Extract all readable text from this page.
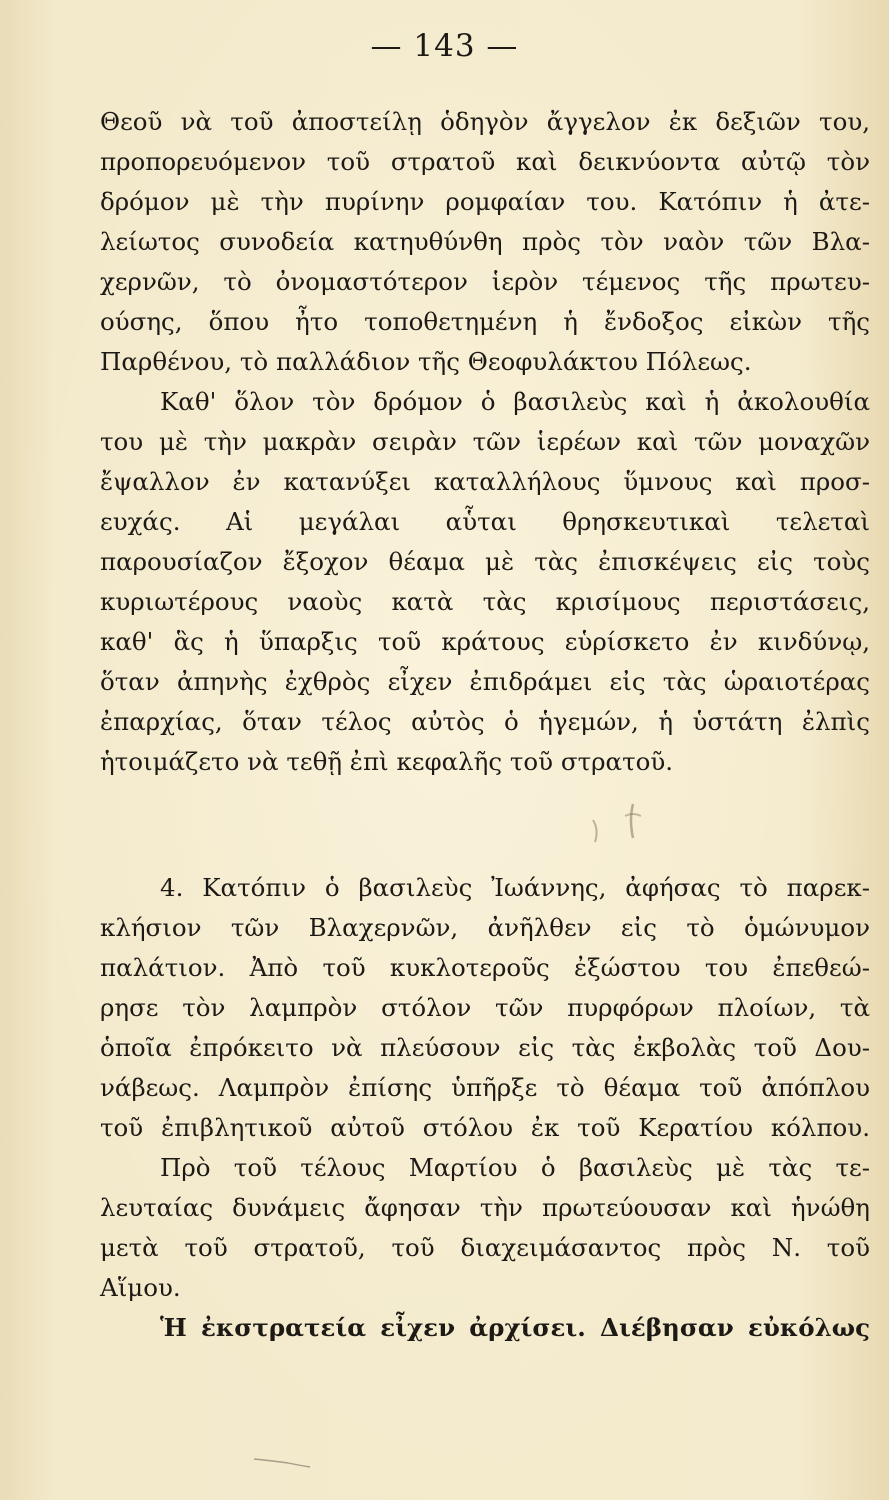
— 143 —
Θεοῦ νὰ τοῦ ἀποστείλῃ ὁδηγὸν ἄγγελον ἐκ δεξιῶν του,
προπορευόμενον τοῦ στρατοῦ καὶ δεικνύοντα αὐτῷ τὸν
δρόμον μὲ τὴν πυρίνην ρομφαίαν του. Κατόπιν ἡ ἀτε-
λείωτος συνοδεία κατηυθύνθη πρὸς τὸν ναὸν τῶν Βλα-
χερνῶν, τὸ ὀνομαστότερον ἱερὸν τέμενος τῆς πρωτευ-
ούσης, ὅπου ἦτο τοποθετημένη ἡ ἔνδοξος εἰκὼν τῆς
Παρθένου, τὸ παλλάδιον τῆς Θεοφυλάκτου Πόλεως.
Καθ' ὅλον τὸν δρόμον ὁ βασιλεὺς καὶ ἡ ἀκολουθία
του μὲ τὴν μακρὰν σειρὰν τῶν ἱερέων καὶ τῶν μοναχῶν
ἔψαλλον ἐν κατανύξει καταλλήλους ὕμνους καὶ προσ-
ευχάς. Αἱ μεγάλαι αὗται θρησκευτικαὶ τελεταὶ
παρουσίαζον ἔξοχον θέαμα μὲ τὰς ἐπισκέψεις εἰς τοὺς
κυριωτέρους ναοὺς κατὰ τὰς κρισίμους περιστάσεις,
καθ' ἃς ἡ ὕπαρξις τοῦ κράτους εὑρίσκετο ἐν κινδύνῳ,
ὅταν ἀπηνὴς ἐχθρὸς εἶχεν ἐπιδράμει εἰς τὰς ὡραιοτέρας
ἐπαρχίας, ὅταν τέλος αὐτὸς ὁ ἡγεμών, ἡ ὑστάτη ἐλπὶς
ἡτοιμάζετο νὰ τεθῇ ἐπὶ κεφαλῆς τοῦ στρατοῦ.
4. Κατόπιν ὁ βασιλεὺς Ἰωάννης, ἀφήσας τὸ παρεκ-
κλήσιον τῶν Βλαχερνῶν, ἀνῆλθεν εἰς τὸ ὁμώνυμον
παλάτιον. Ἀπὸ τοῦ κυκλοτεροῦς ἐξώστου του ἐπεθεώ-
ρησε τὸν λαμπρὸν στόλον τῶν πυρφόρων πλοίων, τὰ
ὁποῖα ἐπρόκειτο νὰ πλεύσουν εἰς τὰς ἐκβολὰς τοῦ Δου-
νάβεως. Λαμπρὸν ἐπίσης ὑπῆρξε τὸ θέαμα τοῦ ἀπόπλου
τοῦ ἐπιβλητικοῦ αὐτοῦ στόλου ἐκ τοῦ Κερατίου κόλπου.
Πρὸ τοῦ τέλους Μαρτίου ὁ βασιλεὺς μὲ τὰς τε-
λευταίας δυνάμεις ἄφησαν τὴν πρωτεύουσαν καὶ ἡνώθη
μετὰ τοῦ στρατοῦ, τοῦ διαχειμάσαντος πρὸς Ν. τοῦ
Αἵμου.
Ἡ ἐκστρατεία εἶχεν ἀρχίσει. Διέβησαν εὐκόλως
